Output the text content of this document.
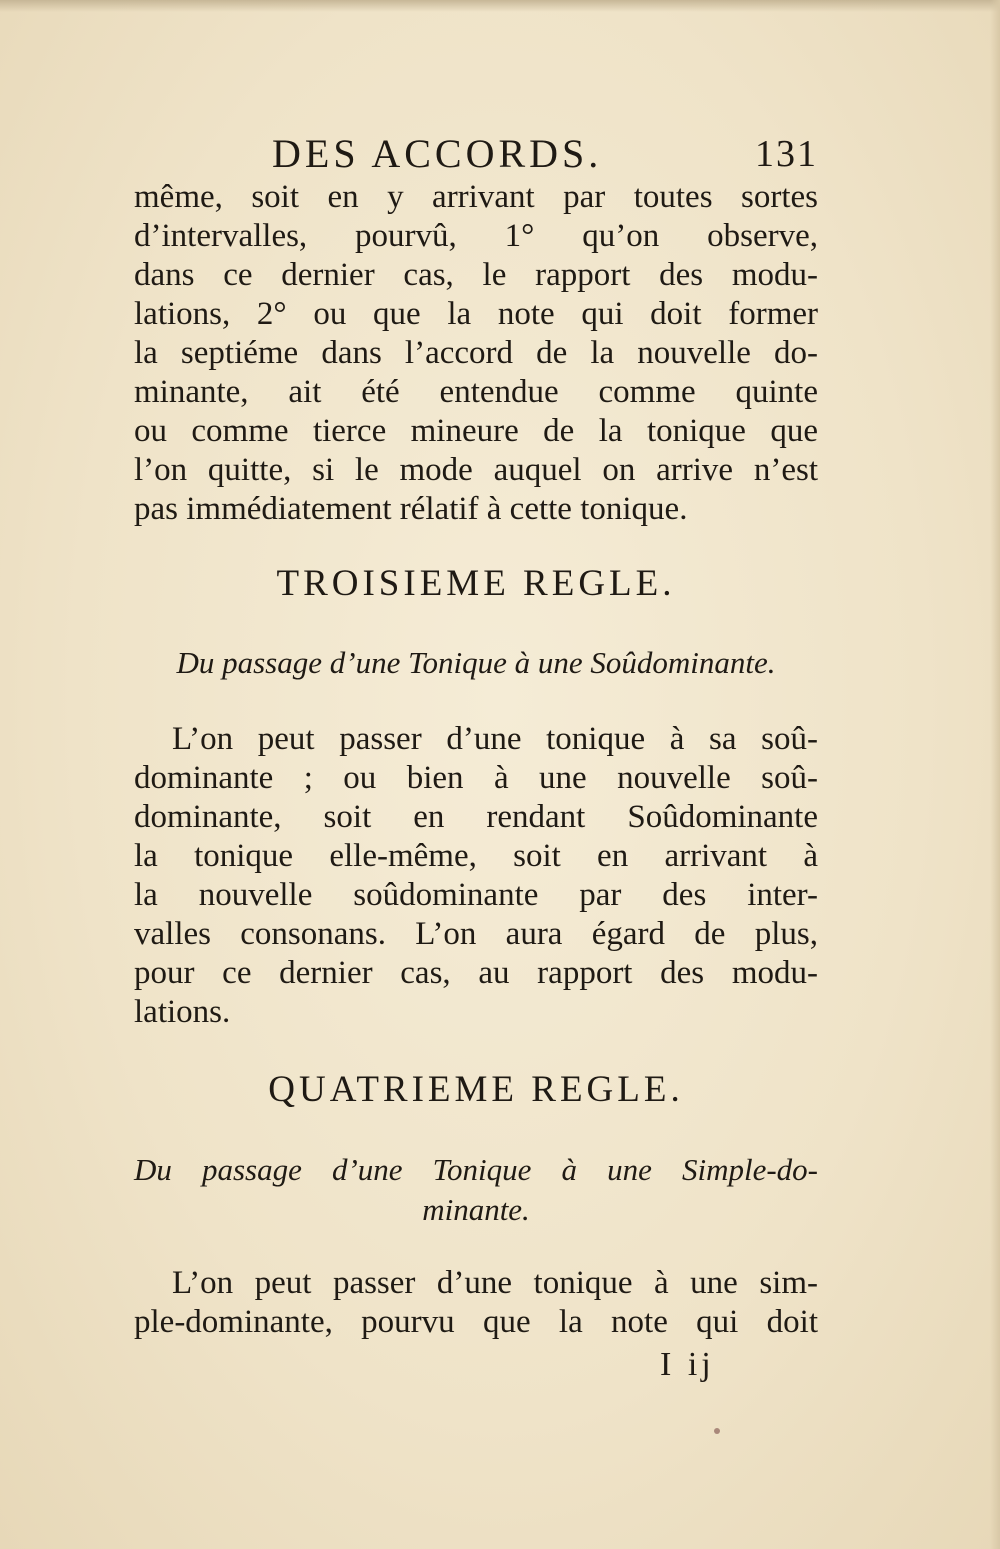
DES ACCORDS.	131
même, soit en y arrivant par toutes sortes
d’intervalles, pourvû, 1° qu’on observe,
dans ce dernier cas, le rapport des modu-
lations, 2° ou que la note qui doit former
la septiéme dans l’accord de la nouvelle do-
minante, ait été entendue comme quinte
ou comme tierce mineure de la tonique que
l’on quitte, si le mode auquel on arrive n’est
pas immédiatement rélatif à cette tonique.
TROISIEME REGLE.
Du passage d’une Tonique à une Soûdominante.
L’on peut passer d’une tonique à sa soû-
dominante ; ou bien à une nouvelle soû-
dominante, soit en rendant Soûdominante
la tonique elle-même, soit en arrivant à
la nouvelle soûdominante par des inter-
valles consonans. L’on aura égard de plus,
pour ce dernier cas, au rapport des modu-
lations.
QUATRIEME REGLE.
Du passage d’une Tonique à une Simple-do-
minante.
L’on peut passer d’une tonique à une sim-
ple-dominante, pourvu que la note qui doit
I ij
